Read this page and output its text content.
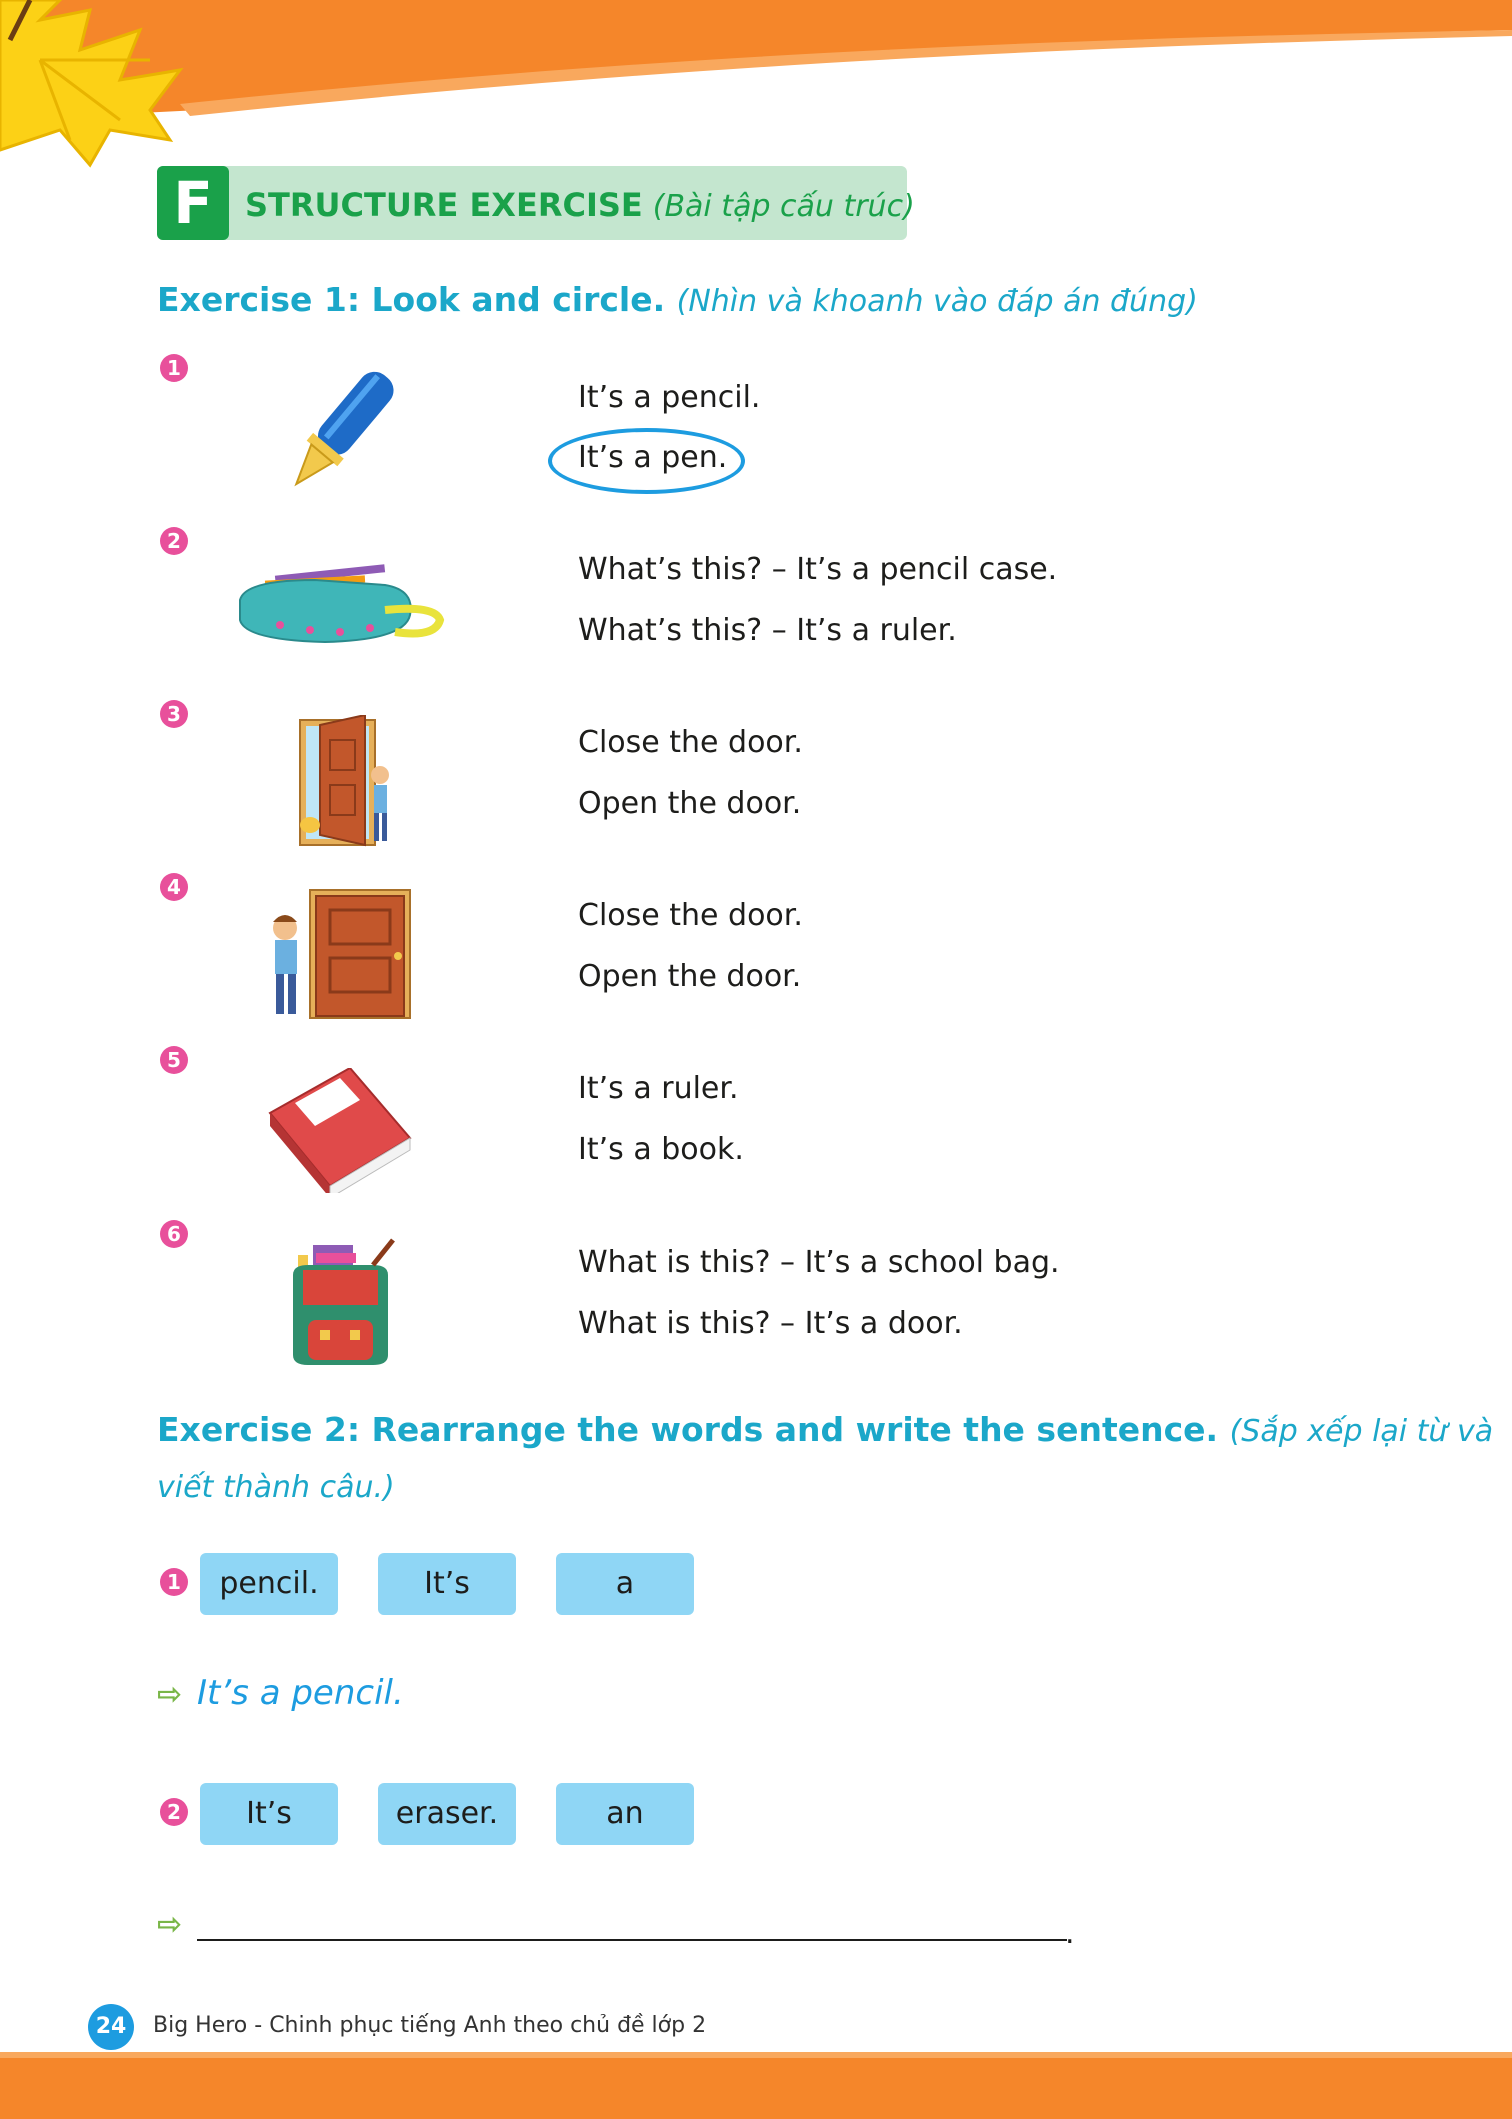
F	STRUCTURE EXERCISE (Bài tập cấu trúc)
Exercise 1: Look and circle. (Nhìn và khoanh vào đáp án đúng)
1
It’s a pencil.
It’s a pen.
2
What’s this? – It’s a pencil case.
What’s this? – It’s a ruler.
3
Close the door.
Open the door.
4
Close the door.
Open the door.
5
It’s a ruler.
It’s a book.
6
What is this? – It’s a school bag.
What is this? – It’s a door.
Exercise 2: Rearrange the words and write the sentence. (Sắp xếp lại từ và
viết thành câu.)
1	pencil.	It’s	a
⇨ It’s a pencil.
2	It’s	eraser.	an
⇨	.
24	Big Hero - Chinh phục tiếng Anh theo chủ đề lớp 2
